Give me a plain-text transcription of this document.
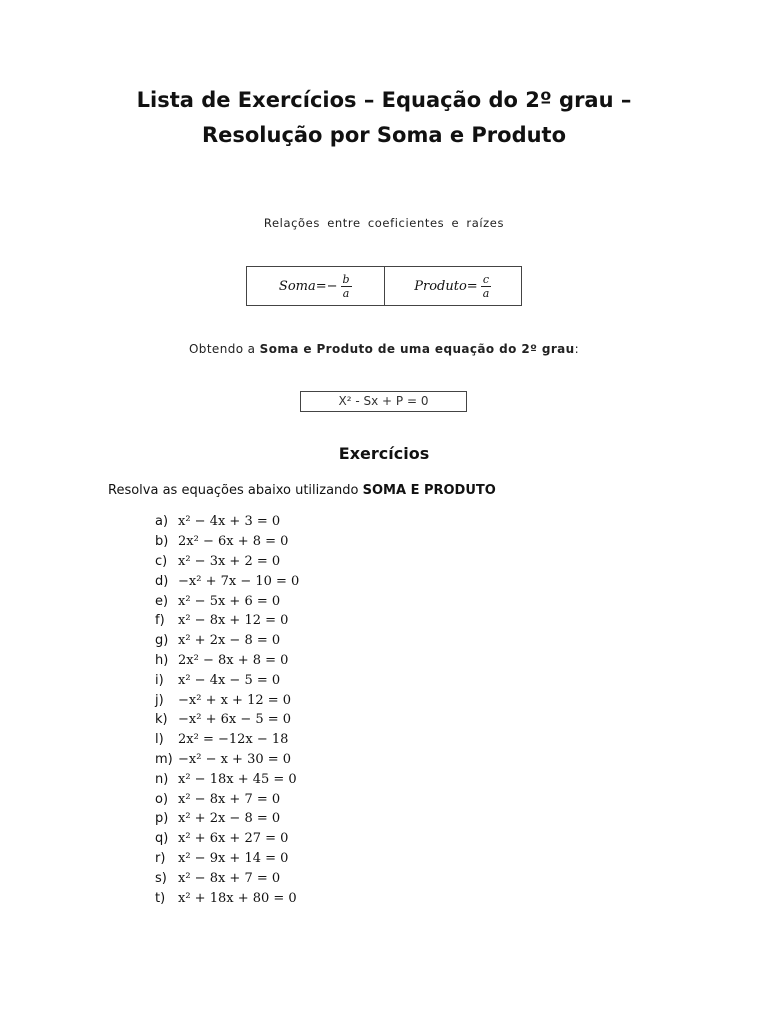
Lista de Exercícios – Equação do 2º grau –
Resolução por Soma e Produto
Relações entre coeficientes e raízes
Soma=− $\frac{b}{a}$	Produto= $\frac{c}{a}$
Obtendo a Soma e Produto de uma equação do 2º grau:
X² - Sx + P = 0
Exercícios
Resolva as equações abaixo utilizando SOMA E PRODUTO
a) x² − 4x + 3 = 0
b) 2x² − 6x + 8 = 0
c) x² − 3x + 2 = 0
d) −x² + 7x − 10 = 0
e) x² − 5x + 6 = 0
f)	x² − 8x + 12 = 0
g) x² + 2x − 8 = 0
h) 2x² − 8x + 8 = 0
i)	x² − 4x − 5 = 0
j)	−x² + x + 12 = 0
k) −x² + 6x − 5 = 0
l)	2x² = −12x − 18
m) −x² − x + 30 = 0
n) x² − 18x + 45 = 0
o) x² − 8x + 7 = 0
p) x² + 2x − 8 = 0
q) x² + 6x + 27 = 0
r) x² − 9x + 14 = 0
s) x² − 8x + 7 = 0
t) x² + 18x + 80 = 0
